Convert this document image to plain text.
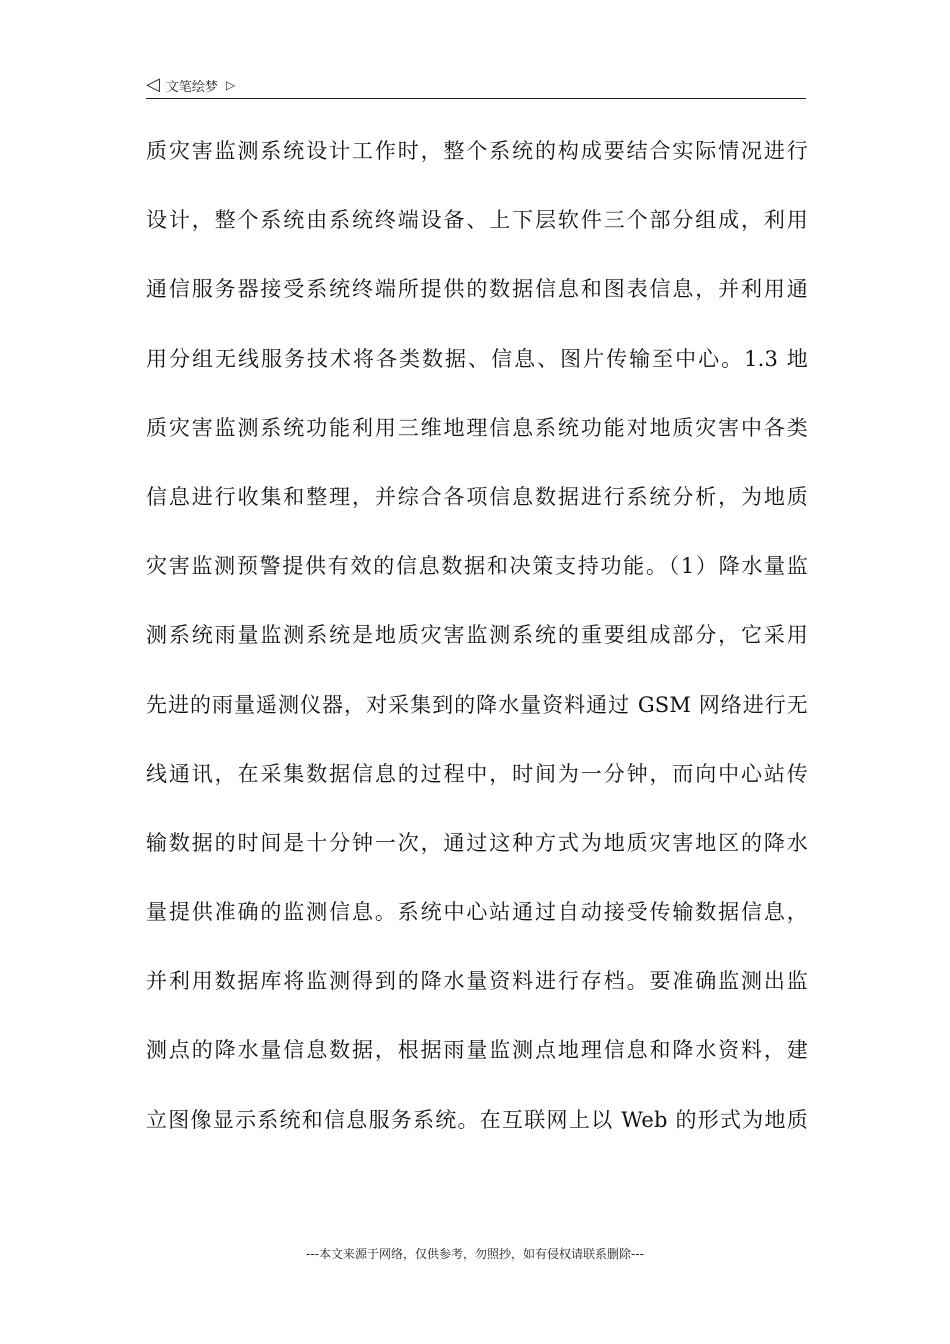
◁ 文笔绘梦 ▷
质灾害监测系统设计工作时，整个系统的构成要结合实际情况进行
设计，整个系统由系统终端设备、上下层软件三个部分组成，利用
通信服务器接受系统终端所提供的数据信息和图表信息，并利用通
用分组无线服务技术将各类数据、信息、图片传输至中心。1.3 地
质灾害监测系统功能利用三维地理信息系统功能对地质灾害中各类
信息进行收集和整理，并综合各项信息数据进行系统分析，为地质
灾害监测预警提供有效的信息数据和决策支持功能。（1）降水量监
测系统雨量监测系统是地质灾害监测系统的重要组成部分，它采用
先进的雨量遥测仪器，对采集到的降水量资料通过 GSM 网络进行无
线通讯，在采集数据信息的过程中，时间为一分钟，而向中心站传
输数据的时间是十分钟一次，通过这种方式为地质灾害地区的降水
量提供准确的监测信息。系统中心站通过自动接受传输数据信息，
并利用数据库将监测得到的降水量资料进行存档。要准确监测出监
测点的降水量信息数据，根据雨量监测点地理信息和降水资料，建
立图像显示系统和信息服务系统。在互联网上以 Web 的形式为地质
---本文来源于网络，仅供参考，勿照抄，如有侵权请联系删除---
